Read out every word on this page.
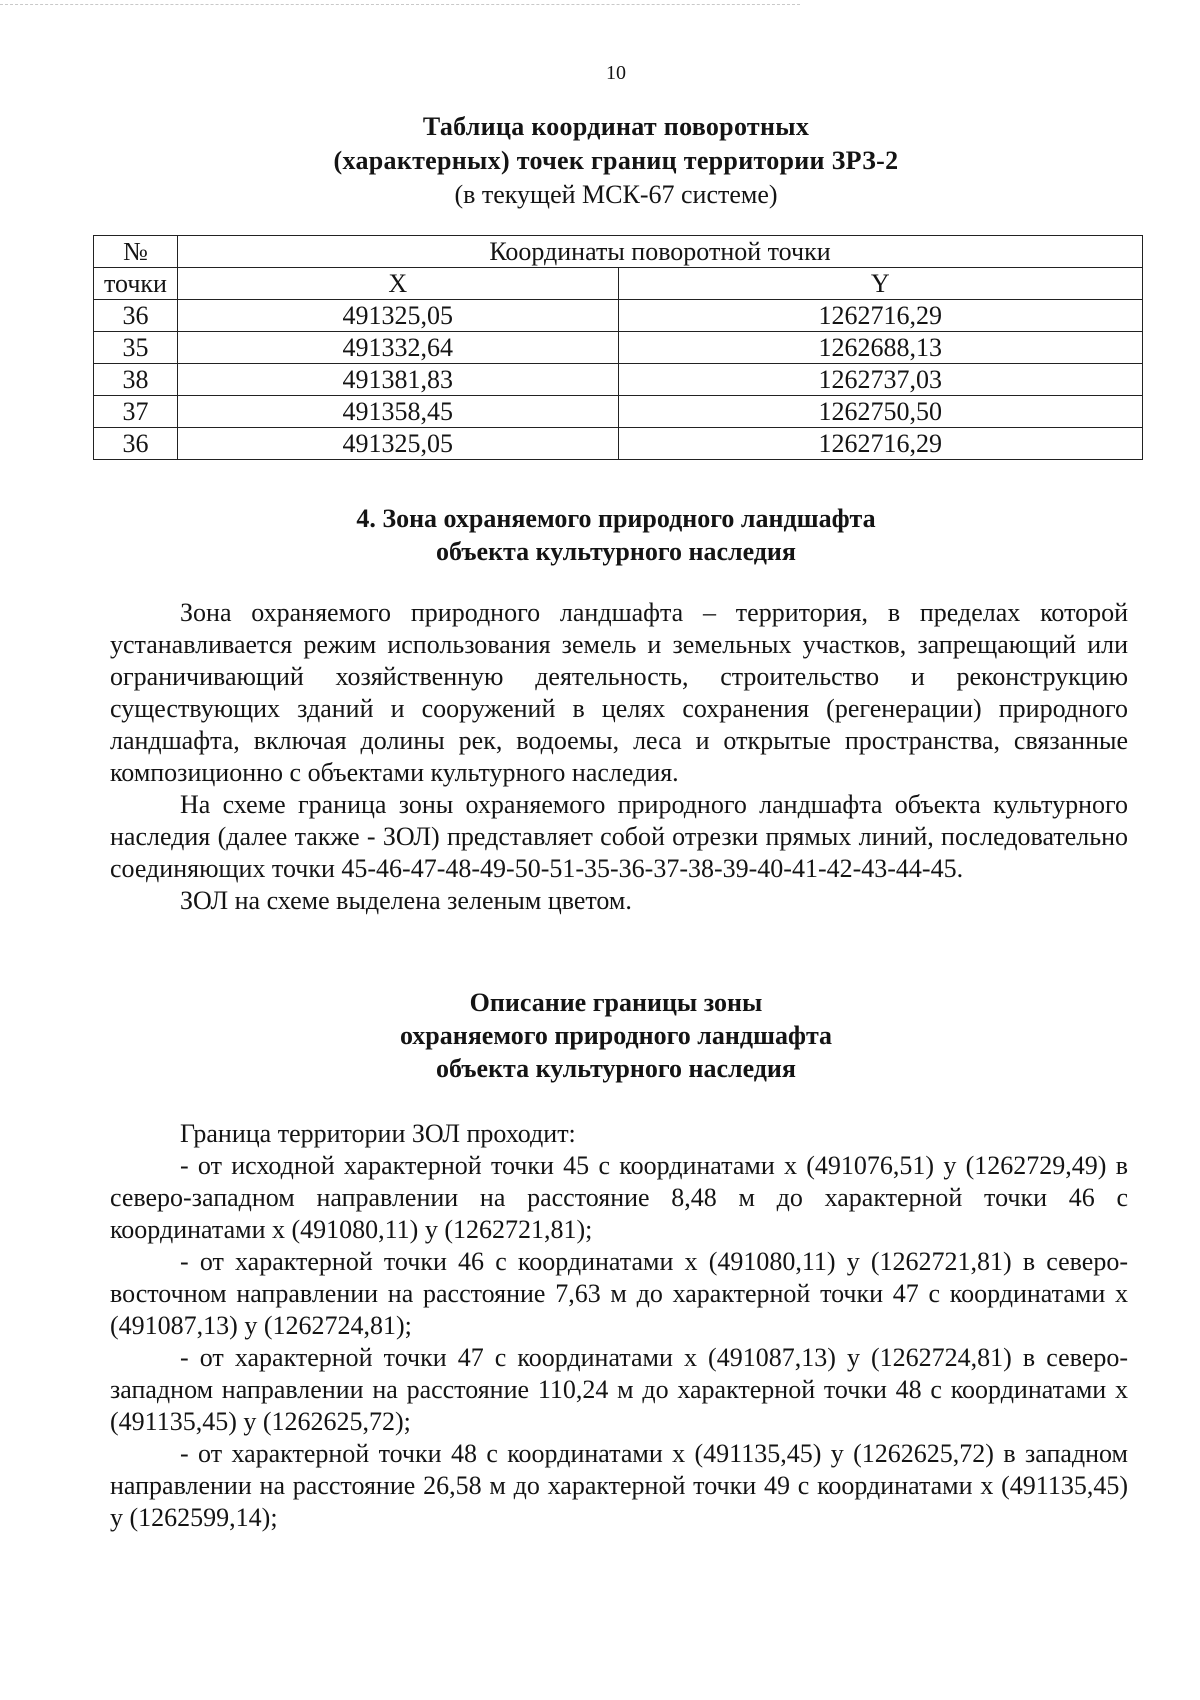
10
Таблица координат поворотных
(характерных) точек границ территории ЗРЗ-2
(в текущей МСК-67 системе)
№	Координаты поворотной точки	
точки	X	Y
36	491325,05	1262716,29
35	491332,64	1262688,13
38	491381,83	1262737,03
37	491358,45	1262750,50
36	491325,05	1262716,29
4. Зона охраняемого природного ландшафта
объекта культурного наследия

Зона охраняемого природного ландшафта – территория, в пределах которой устанавливается режим использования земель и земельных участков, запрещающий или ограничивающий хозяйственную деятельность, строительство и реконструкцию существующих зданий и сооружений в целях сохранения (регенерации) природного ландшафта, включая долины рек, водоемы, леса и открытые пространства, связанные композиционно с объектами культурного наследия.

На схеме граница зоны охраняемого природного ландшафта объекта культурного наследия (далее также - ЗОЛ) представляет собой отрезки прямых линий, последовательно соединяющих точки 45-46-47-48-49-50-51-35-36-37-38-39-40-41-42-43-44-45.

ЗОЛ на схеме выделена зеленым цветом.

Описание границы зоны
охраняемого природного ландшафта
объекта культурного наследия

Граница территории ЗОЛ проходит:

- от исходной характерной точки 45 с координатами х (491076,51) у (1262729,49) в северо-западном направлении на расстояние 8,48 м до характерной точки 46 с координатами х (491080,11) у (1262721,81);

- от характерной точки 46 с координатами х (491080,11) у (1262721,81) в северо-восточном направлении на расстояние 7,63 м до характерной точки 47 с координатами х (491087,13) у (1262724,81);

- от характерной точки 47 с координатами х (491087,13) у (1262724,81) в северо-западном направлении на расстояние 110,24 м до характерной точки 48 с координатами х (491135,45) у (1262625,72);

- от характерной точки 48 с координатами х (491135,45) у (1262625,72) в западном направлении на расстояние 26,58 м до характерной точки 49 с координатами х (491135,45) у (1262599,14);
